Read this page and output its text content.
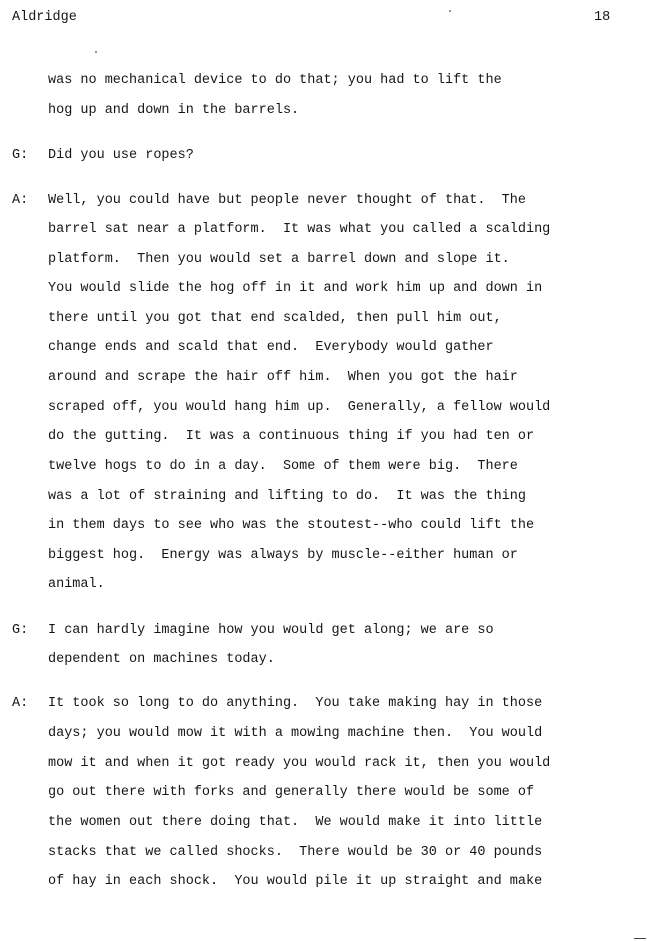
Aldridge	18
was no mechanical device to do that; you had to lift the
hog up and down in the barrels.
G: Did you use ropes?
A: Well, you could have but people never thought of that.  The
barrel sat near a platform.  It was what you called a scalding
platform.  Then you would set a barrel down and slope it.
You would slide the hog off in it and work him up and down in
there until you got that end scalded, then pull him out,
change ends and scald that end.  Everybody would gather
around and scrape the hair off him.  When you got the hair
scraped off, you would hang him up.  Generally, a fellow would
do the gutting.  It was a continuous thing if you had ten or
twelve hogs to do in a day.  Some of them were big.  There
was a lot of straining and lifting to do.  It was the thing
in them days to see who was the stoutest--who could lift the
biggest hog.  Energy was always by muscle--either human or
animal.
G: I can hardly imagine how you would get along; we are so
dependent on machines today.
A: It took so long to do anything.  You take making hay in those
days; you would mow it with a mowing machine then.  You would
mow it and when it got ready you would rack it, then you would
go out there with forks and generally there would be some of
the women out there doing that.  We would make it into little
stacks that we called shocks.  There would be 30 or 40 pounds
of hay in each shock.  You would pile it up straight and make
